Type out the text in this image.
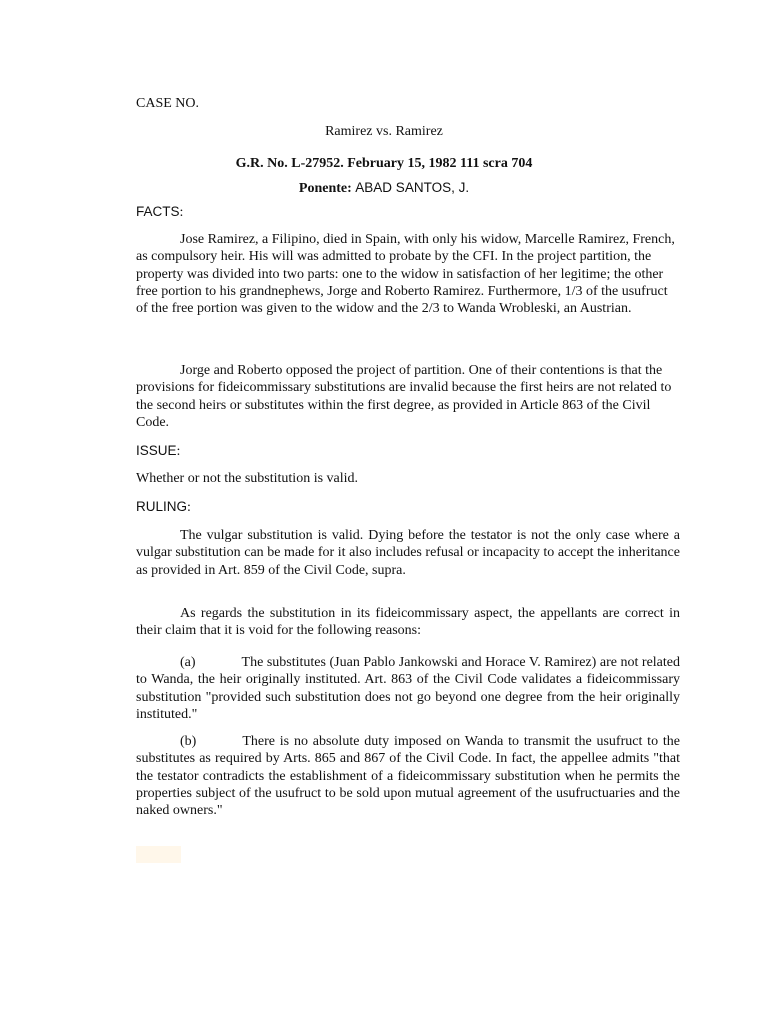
CASE NO.
Ramirez vs. Ramirez
G.R. No. L-27952. February 15, 1982 111 scra 704
Ponente: ABAD SANTOS, J.
FACTS:

Jose Ramirez, a Filipino, died in Spain, with only his widow, Marcelle Ramirez, French, as compulsory heir. His will was admitted to probate by the CFI. In the project partition, the property was divided into two parts: one to the widow in satisfaction of her legitime; the other free portion to his grandnephews, Jorge and Roberto Ramirez. Furthermore, 1/3 of the usufruct of the free portion was given to the widow and the 2/3 to Wanda Wrobleski, an Austrian.

Jorge and Roberto opposed the project of partition. One of their contentions is that the provisions for fideicommissary substitutions are invalid because the first heirs are not related to the second heirs or substitutes within the first degree, as provided in Article 863 of the Civil Code.

ISSUE:

Whether or not the substitution is valid.

RULING:

The vulgar substitution is valid. Dying before the testator is not the only case where a vulgar substitution can be made for it also includes refusal or incapacity to accept the inheritance as provided in Art. 859 of the Civil Code, supra.

As regards the substitution in its fideicommissary aspect, the appellants are correct in their claim that it is void for the following reasons:

(a)	The substitutes (Juan Pablo Jankowski and Horace V. Ramirez) are not related to Wanda, the heir originally instituted. Art. 863 of the Civil Code validates a fideicommissary substitution "provided such substitution does not go beyond one degree from the heir originally instituted."

(b)	There is no absolute duty imposed on Wanda to transmit the usufruct to the substitutes as required by Arts. 865 and 867 of the Civil Code. In fact, the appellee admits "that the testator contradicts the establishment of a fideicommissary substitution when he permits the properties subject of the usufruct to be sold upon mutual agreement of the usufructuaries and the naked owners."
